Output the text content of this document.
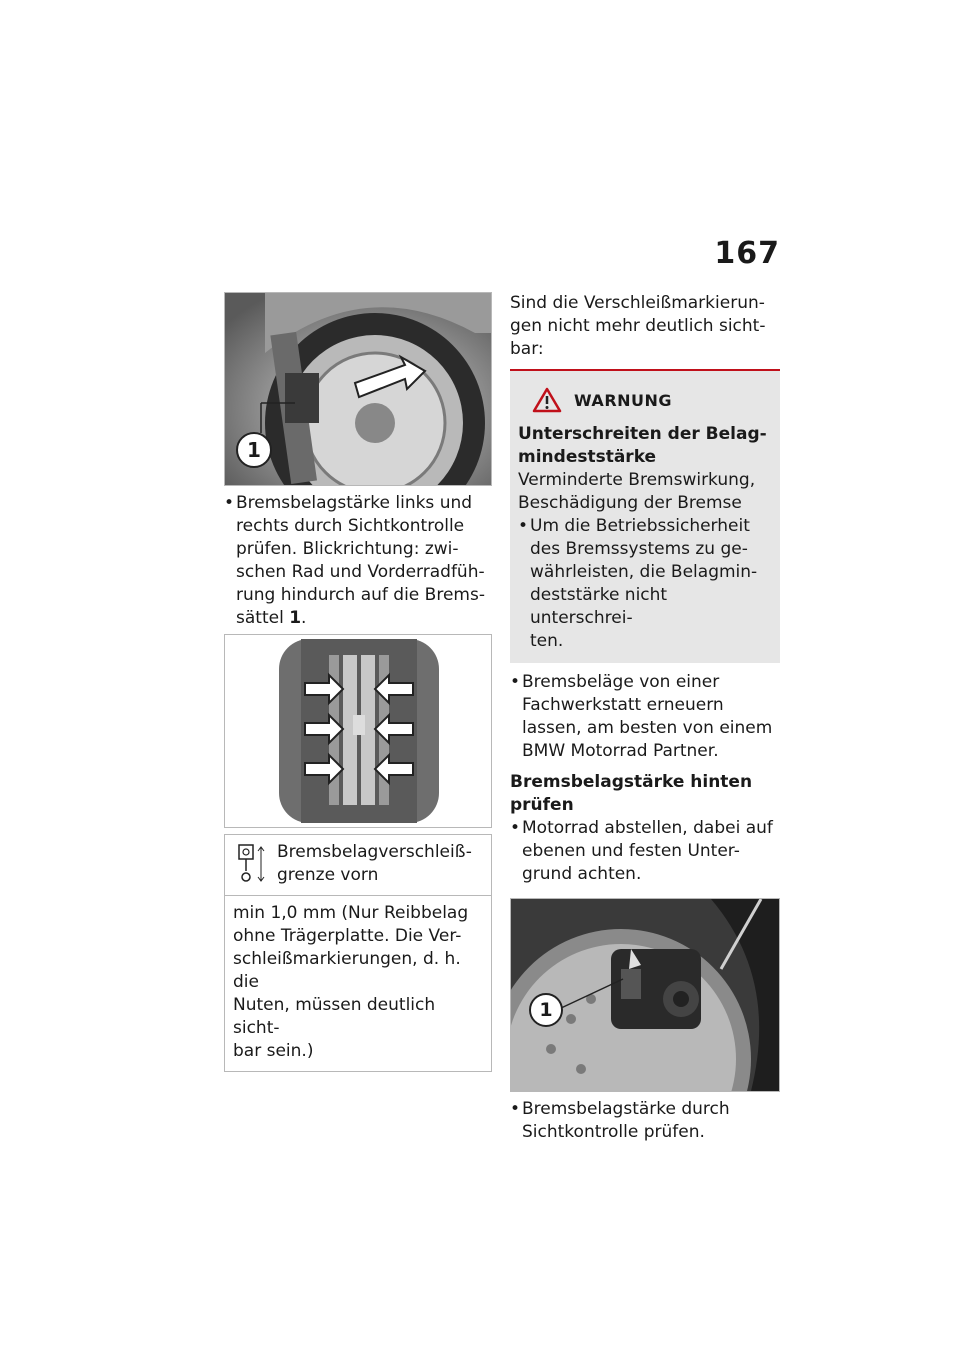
167
1
• Bremsbelagstärke links und
rechts durch Sichtkontrolle
prüfen. Blickrichtung: zwi-
schen Rad und Vorderradfüh-
rung hindurch auf die Brems-
sättel 1.
Bremsbelagverschleiß-
grenze vorn
min 1,0 mm (Nur Reibbelag
ohne Trägerplatte. Die Ver-
schleißmarkierungen, d. h. die
Nuten, müssen deutlich sicht-
bar sein.)
Sind die Verschleißmarkierun-
gen nicht mehr deutlich sicht-
bar:
WARNUNG
Unterschreiten der Belag-
mindeststärke
Verminderte Bremswirkung,
Beschädigung der Bremse
• Um die Betriebssicherheit
des Bremssystems zu ge-
währleisten, die Belagmin-
deststärke nicht unterschrei-
ten.
• Bremsbeläge von einer
Fachwerkstatt erneuern
lassen, am besten von einem
BMW Motorrad Partner.
Bremsbelagstärke hinten
prüfen
• Motorrad abstellen, dabei auf
ebenen und festen Unter-
grund achten.
1
• Bremsbelagstärke durch
Sichtkontrolle prüfen.
